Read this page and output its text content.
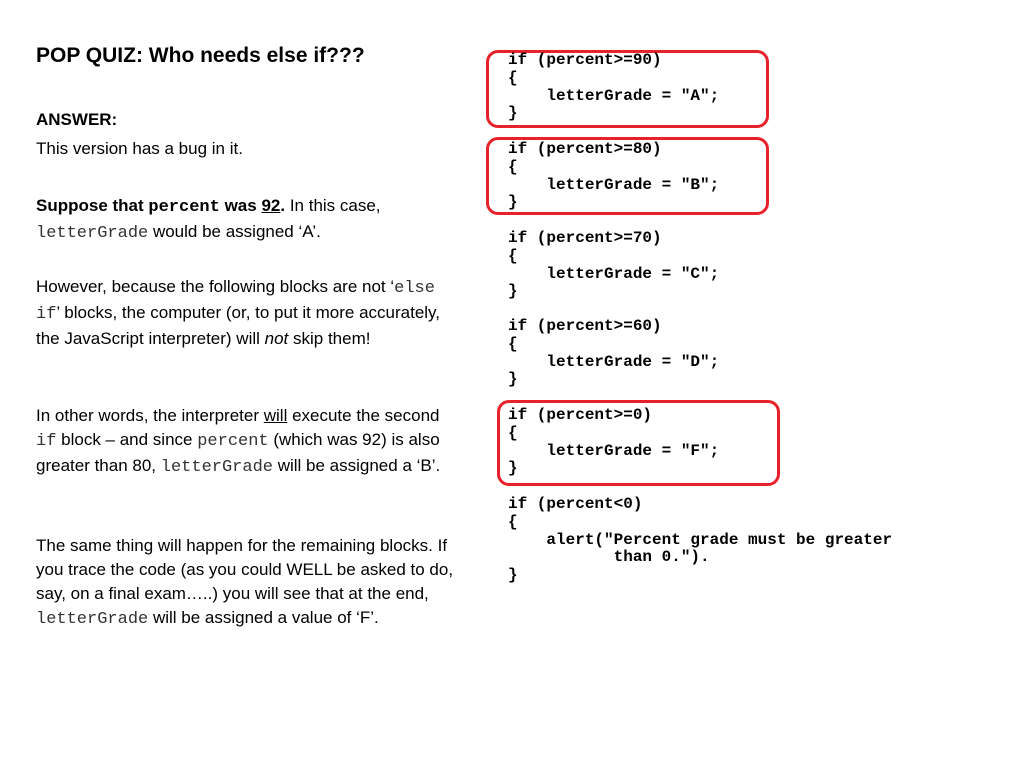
POP QUIZ: Who needs else if???

ANSWER:

This version has a bug in it.

Suppose that percent was 92. In this case,
letterGrade would be assigned ‘A’.

However, because the following blocks are not ‘else if’ blocks, the computer (or, to put it more accurately, the JavaScript interpreter) will not skip them!

In other words, the interpreter will execute the second if block – and since percent (which was 92) is also greater than 80, letterGrade will be assigned a ‘B’.

The same thing will happen for the remaining blocks. If you trace the code (as you could WELL be asked to do, say, on a final exam…..) you will see that at the end, letterGrade will be assigned a value of ‘F’.

if (percent>=90)
{
letterGrade = "A";
}
if (percent>=80)
{
letterGrade = "B";
}
if (percent>=70)
{
letterGrade = "C";
}
if (percent>=60)
{
letterGrade = "D";
}
if (percent>=0)
{
letterGrade = "F";
}
if (percent<0)
{
alert("Percent grade must be greater
than 0.").
}
